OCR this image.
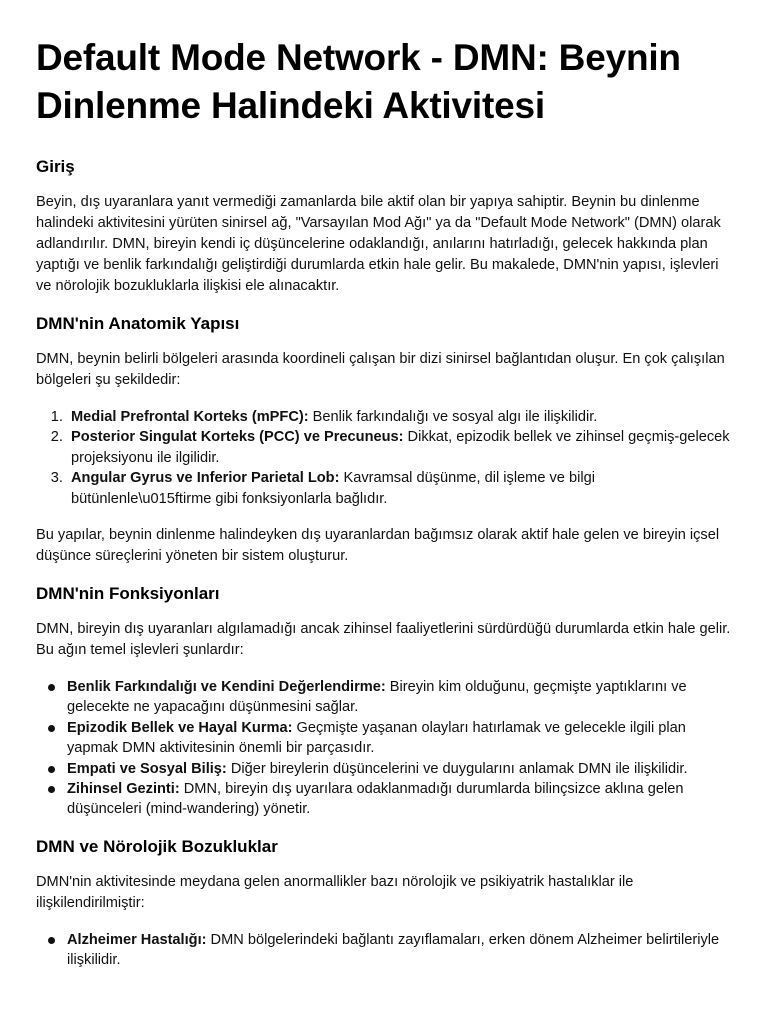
Default Mode Network - DMN: Beynin Dinlenme Halindeki Aktivitesi
Giriş

Beyin, dış uyaranlara yanıt vermediği zamanlarda bile aktif olan bir yapıya sahiptir. Beynin bu dinlenme halindeki aktivitesini yürüten sinirsel ağ, "Varsayılan Mod Ağı" ya da "Default Mode Network" (DMN) olarak adlandırılır. DMN, bireyin kendi iç düşüncelerine odaklandığı, anılarını hatırladığı, gelecek hakkında plan yaptığı ve benlik farkındalığı geliştirdiği durumlarda etkin hale gelir. Bu makalede, DMN'nin yapısı, işlevleri ve nörolojik bozukluklarla ilişkisi ele alınacaktır.

DMN'nin Anatomik Yapısı

DMN, beynin belirli bölgeleri arasında koordineli çalışan bir dizi sinirsel bağlantıdan oluşur. En çok çalışılan bölgeleri şu şekildedir:

1. Medial Prefrontal Korteks (mPFC): Benlik farkındalığı ve sosyal algı ile ilişkilidir.
2. Posterior Singulat Korteks (PCC) ve Precuneus: Dikkat, epizodik bellek ve zihinsel geçmiş-gelecek projeksiyonu ile ilgilidir.
3. Angular Gyrus ve Inferior Parietal Lob: Kavramsal düşünme, dil işleme ve bilgi bütünlenle\u015ftirme gibi fonksiyonlarla bağlıdır.

Bu yapılar, beynin dinlenme halindeyken dış uyaranlardan bağımsız olarak aktif hale gelen ve bireyin içsel düşünce süreçlerini yöneten bir sistem oluşturur.

DMN'nin Fonksiyonları

DMN, bireyin dış uyaranları algılamadığı ancak zihinsel faaliyetlerini sürdürdüğü durumlarda etkin hale gelir. Bu ağın temel işlevleri şunlardır:

Benlik Farkındalığı ve Kendini Değerlendirme: Bireyin kim olduğunu, geçmişte yaptıklarını ve gelecekte ne yapacağını düşünmesini sağlar.
Epizodik Bellek ve Hayal Kurma: Geçmişte yaşanan olayları hatırlamak ve gelecekle ilgili plan yapmak DMN aktivitesinin önemli bir parçasıdır.
Empati ve Sosyal Biliş: Diğer bireylerin düşüncelerini ve duygularını anlamak DMN ile ilişkilidir.
Zihinsel Gezinti: DMN, bireyin dış uyarılara odaklanmadığı durumlarda bilinçsizce aklına gelen düşünceleri (mind-wandering) yönetir.
DMN ve Nörolojik Bozukluklar

DMN'nin aktivitesinde meydana gelen anormallikler bazı nörolojik ve psikiyatrik hastalıklar ile ilişkilendirilmiştir:

Alzheimer Hastalığı: DMN bölgelerindeki bağlantı zayıflamaları, erken dönem Alzheimer belirtileriyle ilişkilidir.
